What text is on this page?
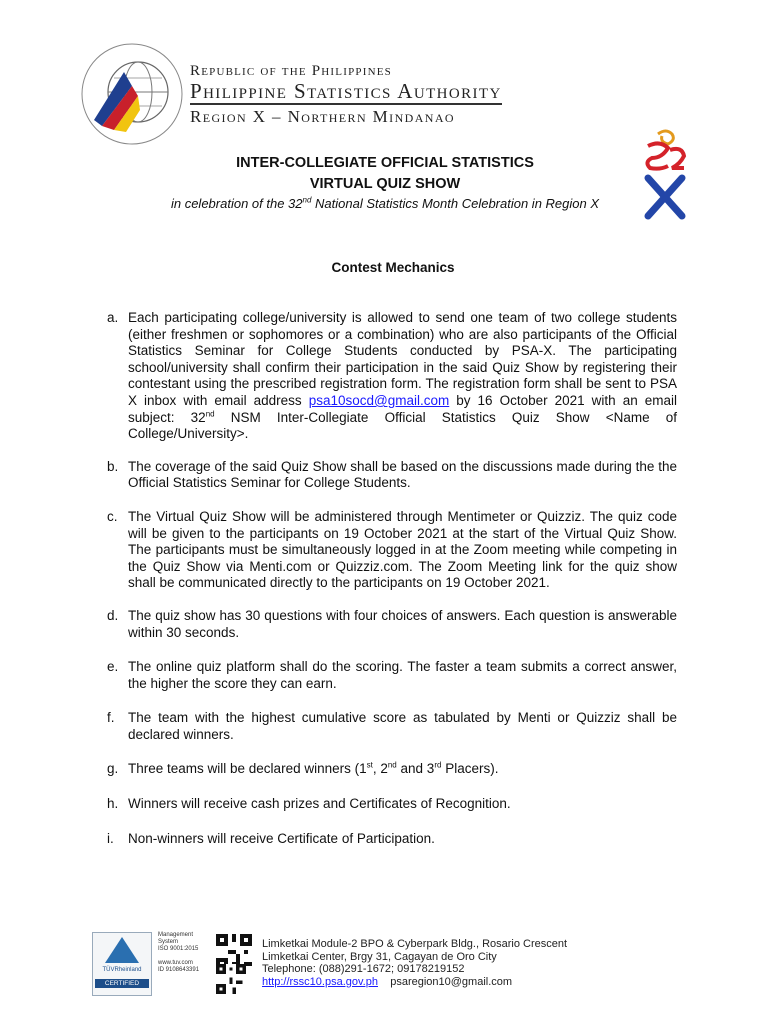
Republic of the Philippines
Philippine Statistics Authority
Region X – Northern Mindanao
INTER-COLLEGIATE OFFICIAL STATISTICS
VIRTUAL QUIZ SHOW
in celebration of the 32nd National Statistics Month Celebration in Region X
Contest Mechanics
a. Each participating college/university is allowed to send one team of two college students (either freshmen or sophomores or a combination) who are also participants of the Official Statistics Seminar for College Students conducted by PSA-X. The participating school/university shall confirm their participation in the said Quiz Show by registering their contestant using the prescribed registration form. The registration form shall be sent to PSA X inbox with email address psa10socd@gmail.com by 16 October 2021 with an email subject: 32nd NSM Inter-Collegiate Official Statistics Quiz Show <Name of College/University>.
b. The coverage of the said Quiz Show shall be based on the discussions made during the the Official Statistics Seminar for College Students.
c. The Virtual Quiz Show will be administered through Mentimeter or Quizziz. The quiz code will be given to the participants on 19 October 2021 at the start of the Virtual Quiz Show. The participants must be simultaneously logged in at the Zoom meeting while competing in the Quiz Show via Menti.com or Quizziz.com. The Zoom Meeting link for the quiz show shall be communicated directly to the participants on 19 October 2021.
d. The quiz show has 30 questions with four choices of answers. Each question is answerable within 30 seconds.
e. The online quiz platform shall do the scoring. The faster a team submits a correct answer, the higher the score they can earn.
f. The team with the highest cumulative score as tabulated by Menti or Quizziz shall be declared winners.
g. Three teams will be declared winners (1st, 2nd and 3rd Placers).
h. Winners will receive cash prizes and Certificates of Recognition.
i. Non-winners will receive Certificate of Participation.
TÜVRheinland
CERTIFIED
Management
System
ISO 9001:2015
www.tuv.com
ID 9108643391
Limketkai Module-2 BPO & Cyberpark Bldg., Rosario Crescent
Limketkai Center, Brgy 31, Cagayan de Oro City
Telephone: (088)291-1672; 09178219152
http://rssc10.psa.gov.ph psaregion10@gmail.com
